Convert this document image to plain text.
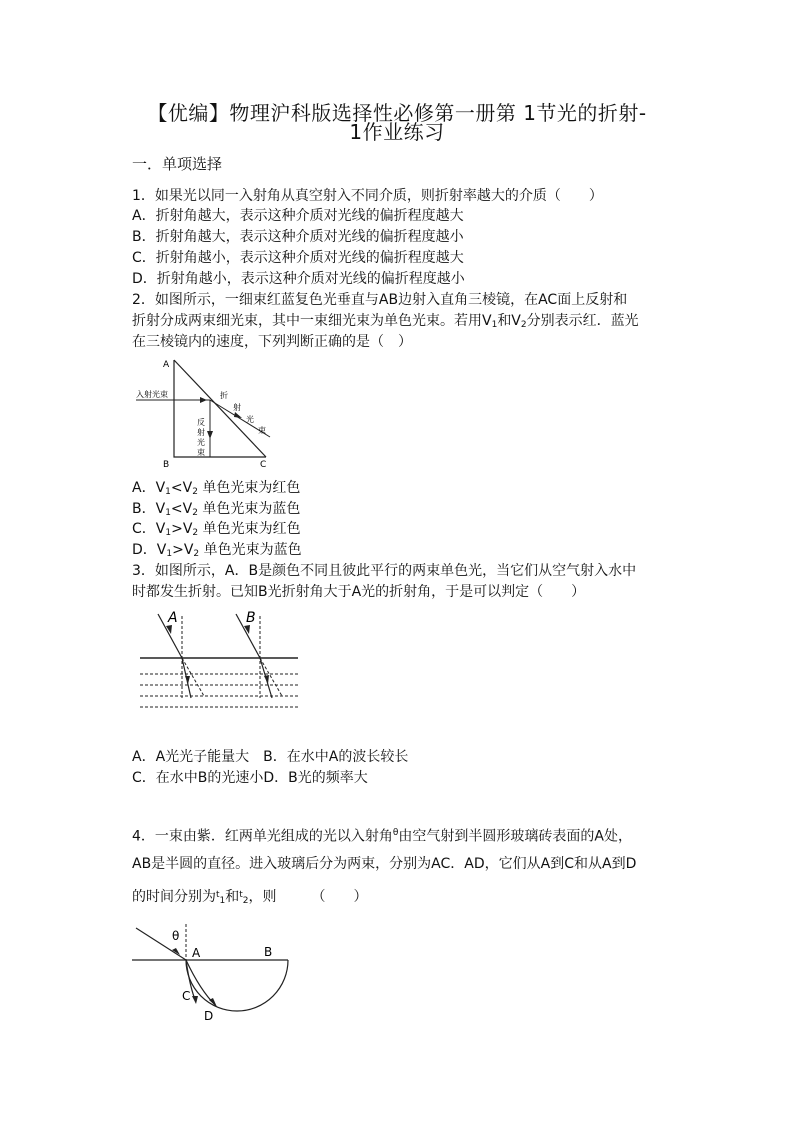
【优编】物理沪科版选择性必修第一册第 1节光的折射-
1作业练习
一．单项选择
1．如果光以同一入射角从真空射入不同介质，则折射率越大的介质（　　）
A．折射角越大，表示这种介质对光线的偏折程度越大
B．折射角越大，表示这种介质对光线的偏折程度越小
C．折射角越小，表示这种介质对光线的偏折程度越大
D．折射角越小，表示这种介质对光线的偏折程度越小
2．如图所示，一细束红蓝复色光垂直与AB边射入直角三棱镜，在AC面上反射和
折射分成两束细光束，其中一束细光束为单色光束。若用$V_1$和$V_2$分别表示红．蓝光
在三棱镜内的速度，下列判断正确的是（　）
A
B	C
入射光束	折
射
光
束
反
射
光
束
A．$V_1<V_2$ 单色光束为红色
B．$V_1<V_2$ 单色光束为蓝色
C．$V_1>V_2$ 单色光束为红色
D．$V_1>V_2$ 单色光束为蓝色
3．如图所示，A．B是颜色不同且彼此平行的两束单色光，当它们从空气射入水中
时都发生折射。已知B光折射角大于A光的折射角，于是可以判定（　　）
A	B
A．A光光子能量大　B．在水中A的波长较长
C．在水中B的光速小D．B光的频率大
4．一束由紫．红两单光组成的光以入射角$^\theta$由空气射到半圆形玻璃砖表面的A处，
AB是半圆的直径。进入玻璃后分为两束，分别为AC．AD，它们从A到C和从A到D
的时间分别为$^t_1$和$^t_2$，则　　　（　　）
θ
A	B
C
D
